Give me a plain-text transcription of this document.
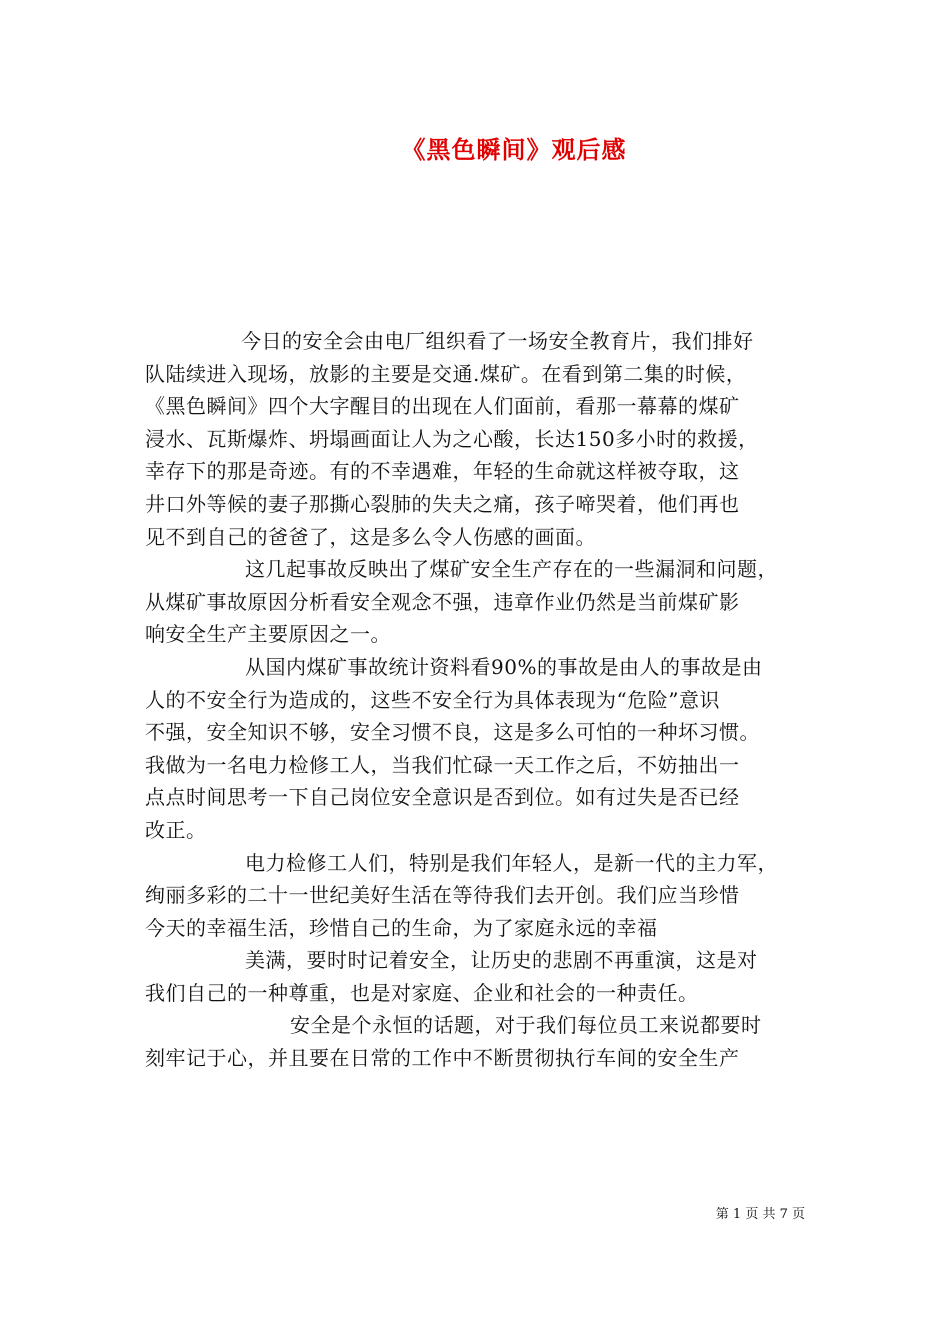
《黑色瞬间》观后感
今日的安全会由电厂组织看了一场安全教育片，我们排好
队陆续进入现场，放影的主要是交通.煤矿。在看到第二集的时候，
《黑色瞬间》四个大字醒目的出现在人们面前，看那一幕幕的煤矿
浸水、瓦斯爆炸、坍塌画面让人为之心酸，长达150多小时的救援，
幸存下的那是奇迹。有的不幸遇难，年轻的生命就这样被夺取，这
井口外等候的妻子那撕心裂肺的失夫之痛，孩子啼哭着，他们再也
见不到自己的爸爸了，这是多么令人伤感的画面。
这几起事故反映出了煤矿安全生产存在的一些漏洞和问题，
从煤矿事故原因分析看安全观念不强，违章作业仍然是当前煤矿影
响安全生产主要原因之一。
从国内煤矿事故统计资料看90%的事故是由人的事故是由
人的不安全行为造成的，这些不安全行为具体表现为“危险”意识
不强，安全知识不够，安全习惯不良，这是多么可怕的一种坏习惯。
我做为一名电力检修工人，当我们忙碌一天工作之后，不妨抽出一
点点时间思考一下自己岗位安全意识是否到位。如有过失是否已经
改正。
电力检修工人们，特别是我们年轻人，是新一代的主力军，
绚丽多彩的二十一世纪美好生活在等待我们去开创。我们应当珍惜
今天的幸福生活，珍惜自己的生命，为了家庭永远的幸福
美满，要时时记着安全，让历史的悲剧不再重演，这是对
我们自己的一种尊重，也是对家庭、企业和社会的一种责任。
安全是个永恒的话题，对于我们每位员工来说都要时
刻牢记于心，并且要在日常的工作中不断贯彻执行车间的安全生产
第 1 页 共 7 页
